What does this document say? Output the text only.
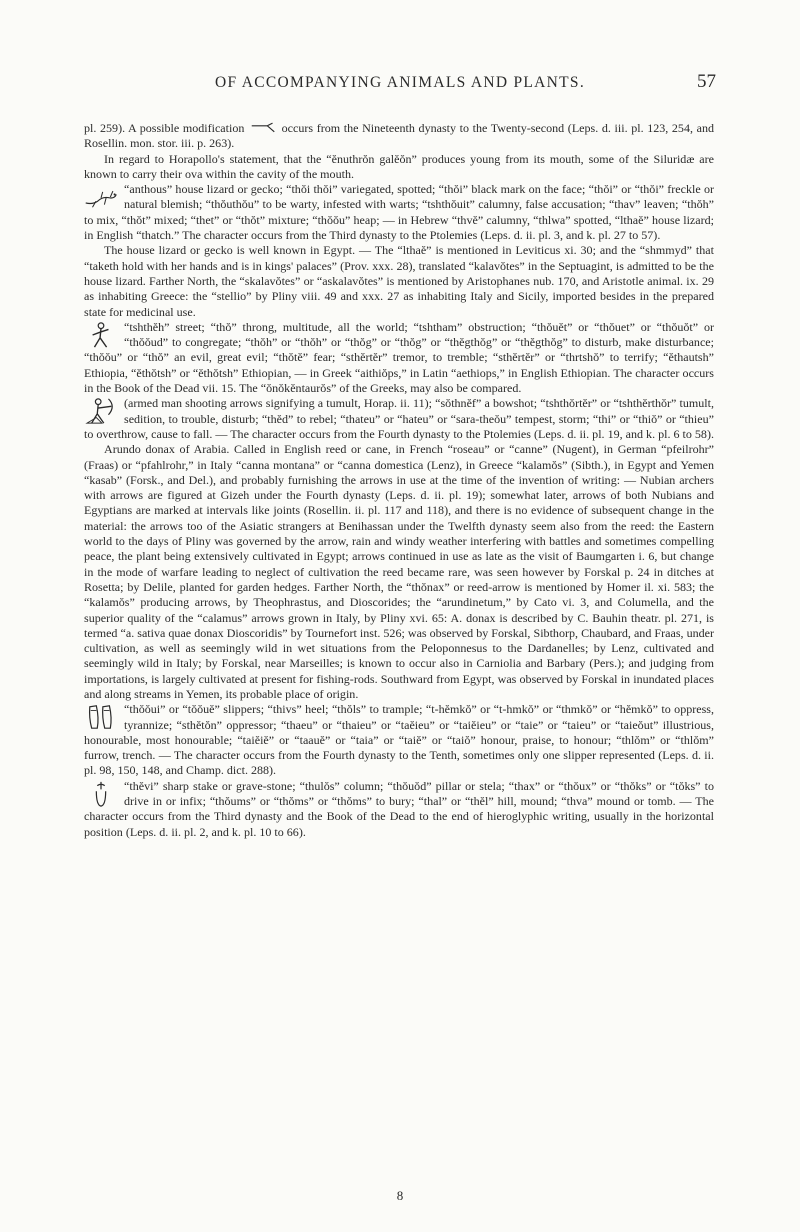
OF ACCOMPANYING ANIMALS AND PLANTS.	57

pl. 259). A possible modification
occurs from the Nineteenth dynasty to the Twenty-second (Leps. d. iii. pl. 123, 254, and Rosellin. mon. stor. iii. p. 263).

In regard to Horapollo's statement, that the “ĕnuthrŏn galĕŏn” produces young from its mouth, some of the Siluridæ are known to carry their ova within the cavity of the mouth.

“anthous” house lizard or gecko; “thŏi thŏi” variegated, spotted; “thŏi” black mark on the face; “thŏi” or “thŏi” freckle or natural blemish; “thŏuthŏu” to be warty, infested with warts; “tshthŏuit” calumny, false accusation; “thav” leaven; “thŏh” to mix, “thŏt” mixed; “thet” or “thŏt” mixture; “thŏŏu” heap; — in Hebrew “thvĕ” calumny, “thlwa” spotted, “lthaĕ” house lizard; in English “thatch.” The character occurs from the Third dynasty to the Ptolemies (Leps. d. ii. pl. 3, and k. pl. 27 to 57).

The house lizard or gecko is well known in Egypt. — The “lthaĕ” is mentioned in Leviticus xi. 30; and the “shmmyd” that “taketh hold with her hands and is in kings' palaces” (Prov. xxx. 28), translated “kalavŏtes” in the Septuagint, is admitted to be the house lizard. Farther North, the “skalavŏtes” or “askalavŏtes” is mentioned by Aristophanes nub. 170, and Aristotle animal. ix. 29 as inhabiting Greece: the “stellio” by Pliny viii. 49 and xxx. 27 as inhabiting Italy and Sicily, imported besides in the prepared state for medicinal use.

“tshthĕh” street; “thŏ” throng, multitude, all the world; “tshtham” obstruction; “thŏuĕt” or “thŏuet” or “thŏuŏt” or “thŏŏud” to congregate; “thŏh” or “thŏh” or “thŏg” or “thŏg” or “thĕgthŏg” or “thĕgthŏg” to disturb, make disturbance; “thŏŏu” or “thŏ” an evil, great evil; “thŏtĕ” fear; “sthĕrtĕr” tremor, to tremble; “sthĕrtĕr” or “thrtshŏ” to terrify; “ĕthautsh” Ethiopia, “ĕthŏtsh” or “ĕthŏtsh” Ethiopian, — in Greek “aithiŏps,” in Latin “aethiops,” in English Ethiopian. The character occurs in the Book of the Dead vii. 15. The “ŏnŏkĕntaurŏs” of the Greeks, may also be compared.

(armed man shooting arrows signifying a tumult, Horap. ii. 11); “sŏthnĕf” a bowshot; “tshthŏrtĕr” or “tshthĕrthŏr” tumult, sedition, to trouble, disturb; “thĕd” to rebel; “thateu” or “hateu” or “sara-theŏu” tempest, storm; “thi” or “thiŏ” or “thieu” to overthrow, cause to fall. — The character occurs from the Fourth dynasty to the Ptolemies (Leps. d. ii. pl. 19, and k. pl. 6 to 58).

Arundo donax of Arabia. Called in English reed or cane, in French “roseau” or “canne” (Nugent), in German “pfeilrohr” (Fraas) or “pfahlrohr,” in Italy “canna montana” or “canna domestica (Lenz), in Greece “kalamŏs” (Sibth.), in Egypt and Yemen “kasab” (Forsk., and Del.), and probably furnishing the arrows in use at the time of the invention of writing: — Nubian archers with arrows are figured at Gizeh under the Fourth dynasty (Leps. d. ii. pl. 19); somewhat later, arrows of both Nubians and Egyptians are marked at intervals like joints (Rosellin. ii. pl. 117 and 118), and there is no evidence of subsequent change in the material: the arrows too of the Asiatic strangers at Benihassan under the Twelfth dynasty seem also from the reed: the Eastern world to the days of Pliny was governed by the arrow, rain and windy weather interfering with battles and sometimes compelling peace, the plant being extensively cultivated in Egypt; arrows continued in use as late as the visit of Baumgarten i. 6, but change in the mode of warfare leading to neglect of cultivation the reed became rare, was seen however by Forskal p. 24 in ditches at Rosetta; by Delile, planted for garden hedges. Farther North, the “thŏnax” or reed-arrow is mentioned by Homer il. xi. 583; the “kalamŏs” producing arrows, by Theophrastus, and Dioscorides; the “arundinetum,” by Cato vi. 3, and Columella, and the superior quality of the “calamus” arrows grown in Italy, by Pliny xvi. 65: A. donax is described by C. Bauhin theatr. pl. 271, is termed “a. sativa quae donax Dioscoridis” by Tournefort inst. 526; was observed by Forskal, Sibthorp, Chaubard, and Fraas, under cultivation, as well as seemingly wild in wet situations from the Peloponnesus to the Dardanelles; by Lenz, cultivated and seemingly wild in Italy; by Forskal, near Marseilles; is known to occur also in Carniolia and Barbary (Pers.); and judging from importations, is largely cultivated at present for fishing-rods. Southward from Egypt, was observed by Forskal in inundated places and along streams in Yemen, its probable place of origin.

“thŏŏui” or “tŏŏuĕ” slippers; “thivs” heel; “thŏls” to trample; “t-hĕmkŏ” or “t-hmkŏ” or “thmkŏ” or “hĕmkŏ” to oppress, tyrannize; “sthĕtŏn” oppressor; “thaeu” or “thaieu” or “taĕieu” or “taiĕieu” or “taie” or “taieu” or “taieŏut” illustrious, honourable, most honourable; “taiĕiĕ” or “taauĕ” or “taia” or “taiĕ” or “taiŏ” honour, praise, to honour; “thlŏm” or “thlŏm” furrow, trench. — The character occurs from the Fourth dynasty to the Tenth, sometimes only one slipper represented (Leps. d. ii. pl. 98, 150, 148, and Champ. dict. 288).

“thĕvi” sharp stake or grave-stone; “thulŏs” column; “thŏuŏd” pillar or stela; “thax” or “thŏux” or “thŏks” or “tŏks” to drive in or infix; “thŏums” or “thŏms” or “thŏms” to bury; “thal” or “thĕl” hill, mound; “thva” mound or tomb. — The character occurs from the Third dynasty and the Book of the Dead to the end of hieroglyphic writing, usually in the horizontal position (Leps. d. ii. pl. 2, and k. pl. 10 to 66).

8
